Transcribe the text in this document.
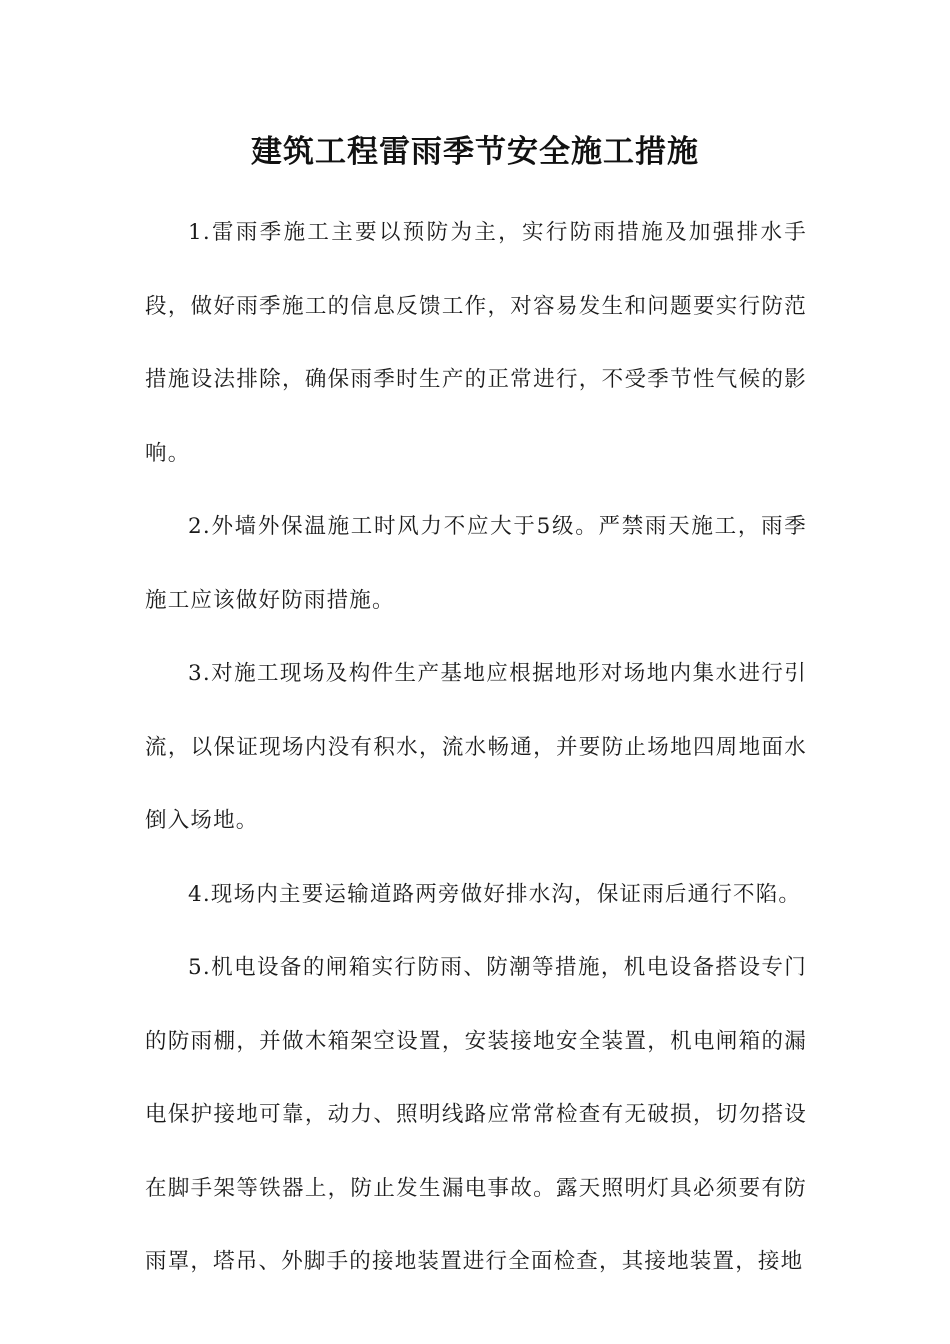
建筑工程雷雨季节安全施工措施

1.雷雨季施工主要以预防为主，实行防雨措施及加强排水手段，做好雨季施工的信息反馈工作，对容易发生和问题要实行防范措施设法排除，确保雨季时生产的正常进行，不受季节性气候的影响。

2.外墙外保温施工时风力不应大于5级。严禁雨天施工，雨季施工应该做好防雨措施。

3.对施工现场及构件生产基地应根据地形对场地内集水进行引流，以保证现场内没有积水，流水畅通，并要防止场地四周地面水倒入场地。

4.现场内主要运输道路两旁做好排水沟，保证雨后通行不陷。

5.机电设备的闸箱实行防雨、防潮等措施，机电设备搭设专门的防雨棚，并做木箱架空设置，安装接地安全装置，机电闸箱的漏电保护接地可靠，动力、照明线路应常常检查有无破损，切勿搭设在脚手架等铁器上，防止发生漏电事故。露天照明灯具必须要有防雨罩，塔吊、外脚手的接地装置进行全面检查，其接地装置，接地
